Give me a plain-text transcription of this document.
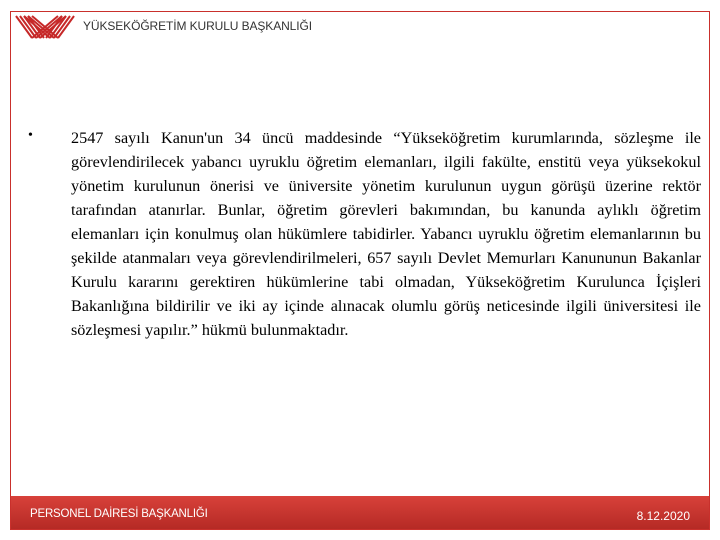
YÜKSEKÖĞRETİM KURULU BAŞKANLIĞI
• 2547 sayılı Kanun'un 34 üncü maddesinde “Yükseköğretim kurumlarında, sözleşme ile görevlendirilecek yabancı uyruklu öğretim elemanları, ilgili fakülte, enstitü veya yüksekokul yönetim kurulunun önerisi ve üniversite yönetim kurulunun uygun görüşü üzerine rektör tarafından atanırlar. Bunlar, öğretim görevleri bakımından, bu kanunda aylıklı öğretim elemanları için konulmuş olan hükümlere tabidirler. Yabancı uyruklu öğretim elemanlarının bu şekilde atanmaları veya görevlendirilmeleri, 657 sayılı Devlet Memurları Kanununun Bakanlar Kurulu kararını gerektiren hükümlerine tabi olmadan, Yükseköğretim Kurulunca İçişleri Bakanlığına bildirilir ve iki ay içinde alınacak olumlu görüş neticesinde ilgili üniversitesi ile sözleşmesi yapılır.” hükmü bulunmaktadır.

PERSONEL DAİRESİ BAŞKANLIĞI	8.12.2020
